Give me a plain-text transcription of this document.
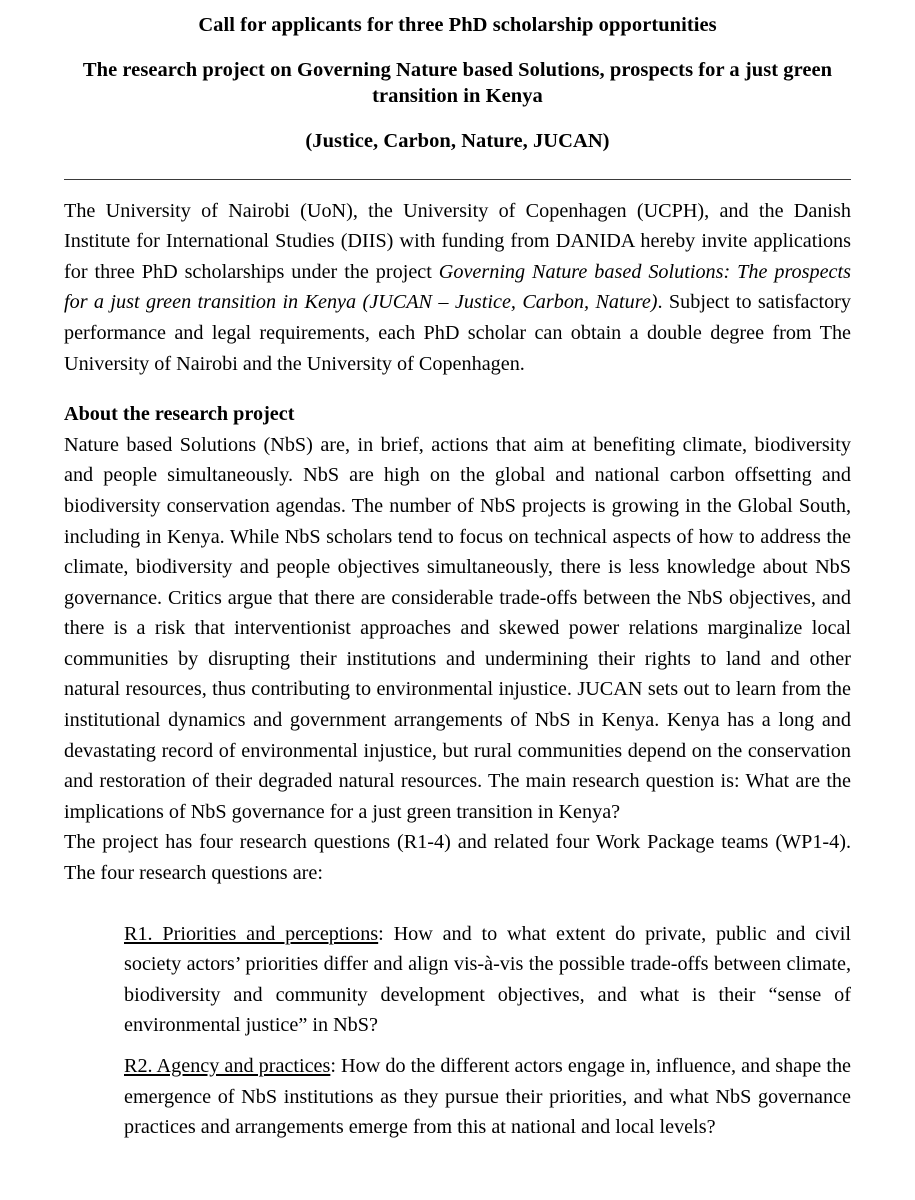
Call for applicants for three PhD scholarship opportunities
The research project on Governing Nature based Solutions, prospects for a just green transition in Kenya
(Justice, Carbon, Nature, JUCAN)

The University of Nairobi (UoN), the University of Copenhagen (UCPH), and the Danish Institute for International Studies (DIIS) with funding from DANIDA hereby invite applications for three PhD scholarships under the project Governing Nature based Solutions: The prospects for a just green transition in Kenya (JUCAN – Justice, Carbon, Nature). Subject to satisfactory performance and legal requirements, each PhD scholar can obtain a double degree from The University of Nairobi and the University of Copenhagen.

About the research project

Nature based Solutions (NbS) are, in brief, actions that aim at benefiting climate, biodiversity and people simultaneously. NbS are high on the global and national carbon offsetting and biodiversity conservation agendas. The number of NbS projects is growing in the Global South, including in Kenya. While NbS scholars tend to focus on technical aspects of how to address the climate, biodiversity and people objectives simultaneously, there is less knowledge about NbS governance. Critics argue that there are considerable trade-offs between the NbS objectives, and there is a risk that interventionist approaches and skewed power relations marginalize local communities by disrupting their institutions and undermining their rights to land and other natural resources, thus contributing to environmental injustice. JUCAN sets out to learn from the institutional dynamics and government arrangements of NbS in Kenya. Kenya has a long and devastating record of environmental injustice, but rural communities depend on the conservation and restoration of their degraded natural resources. The main research question is: What are the implications of NbS governance for a just green transition in Kenya?

The project has four research questions (R1-4) and related four Work Package teams (WP1-4). The four research questions are:

R1. Priorities and perceptions: How and to what extent do private, public and civil society actors’ priorities differ and align vis-à-vis the possible trade-offs between climate, biodiversity and community development objectives, and what is their “sense of environmental justice” in NbS?

R2. Agency and practices: How do the different actors engage in, influence, and shape the emergence of NbS institutions as they pursue their priorities, and what NbS governance practices and arrangements emerge from this at national and local levels?
